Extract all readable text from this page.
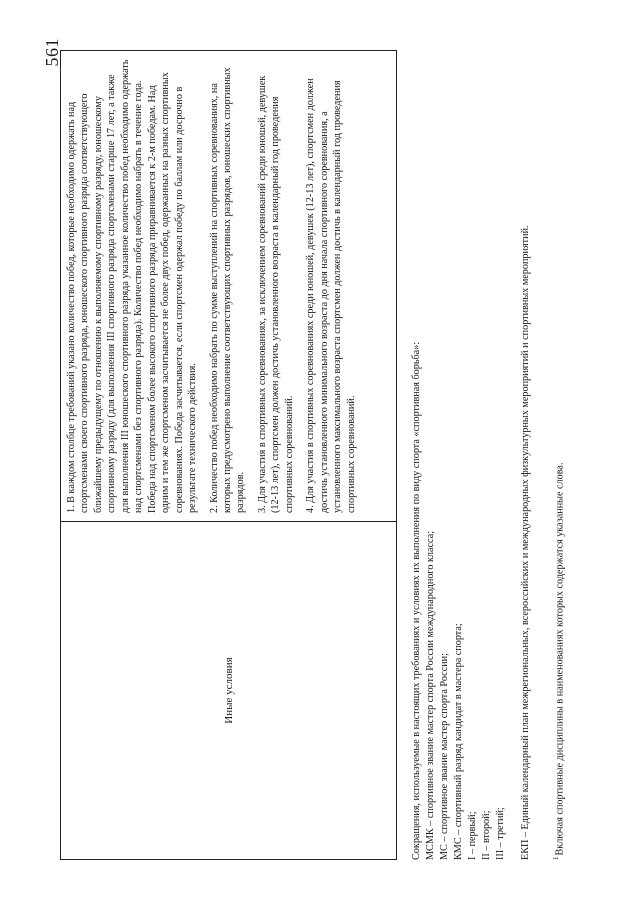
561
Иные условия

1. В каждом столбце требований указано количество побед, которые необходимо одержать над спортсменами своего спортивного разряда, юношеского спортивного разряда соответствующего ближайшему предыдущему по отношению к выполняемому спортивному разряду, юношескому спортивному разряду (для выполнения III спортивного разряда спортсменами старше 17 лет, а также для выполнения III юношеского спортивного разряда указанное количество побед необходимо одержать над спортсменами без спортивного разряда). Количество побед необходимо набрать в течение года. Победа над спортсменом более высокого спортивного разряда приравнивается к 2-м победам. Над одним и тем же спортсменом засчитывается не более двух побед, одержанных на разных спортивных соревнованиях. Победа засчитывается, если спортсмен одержал победу по баллам или досрочно в результате технического действия. 2. Количество побед необходимо набрать по сумме выступлений на спортивных соревнованиях, на которых предусмотрено выполнение соответствующих спортивных разрядов, юношеских спортивных разрядов. 3. Для участия в спортивных соревнованиях, за исключением соревнований среди юношей, девушек (12-13 лет), спортсмен должен достичь установленного возраста в календарный год проведения спортивных соревнований. 4. Для участия в спортивных соревнованиях среди юношей, девушек (12-13 лет), спортсмен должен достичь установленного минимального возраста до дня начала спортивного соревнования, а установленного максимального возраста спортсмен должен достичь в календарный год проведения спортивных соревнований.	Сокращения, используемые в настоящих требованиях и условиях их выполнения по виду спорта «спортивная борьба»: МСМК – спортивное звание мастер спорта России международного класса; МС – спортивное звание мастер спорта России; КМС – спортивный разряд кандидат в мастера спорта; I – первый; II – второй; III – третий; ЕКП – Единый календарный план межрегиональных, всероссийских и международных физкультурных мероприятий и спортивных мероприятий.	$^1$Включая спортивные дисциплины в наименованиях которых содержатся указанные слова.
